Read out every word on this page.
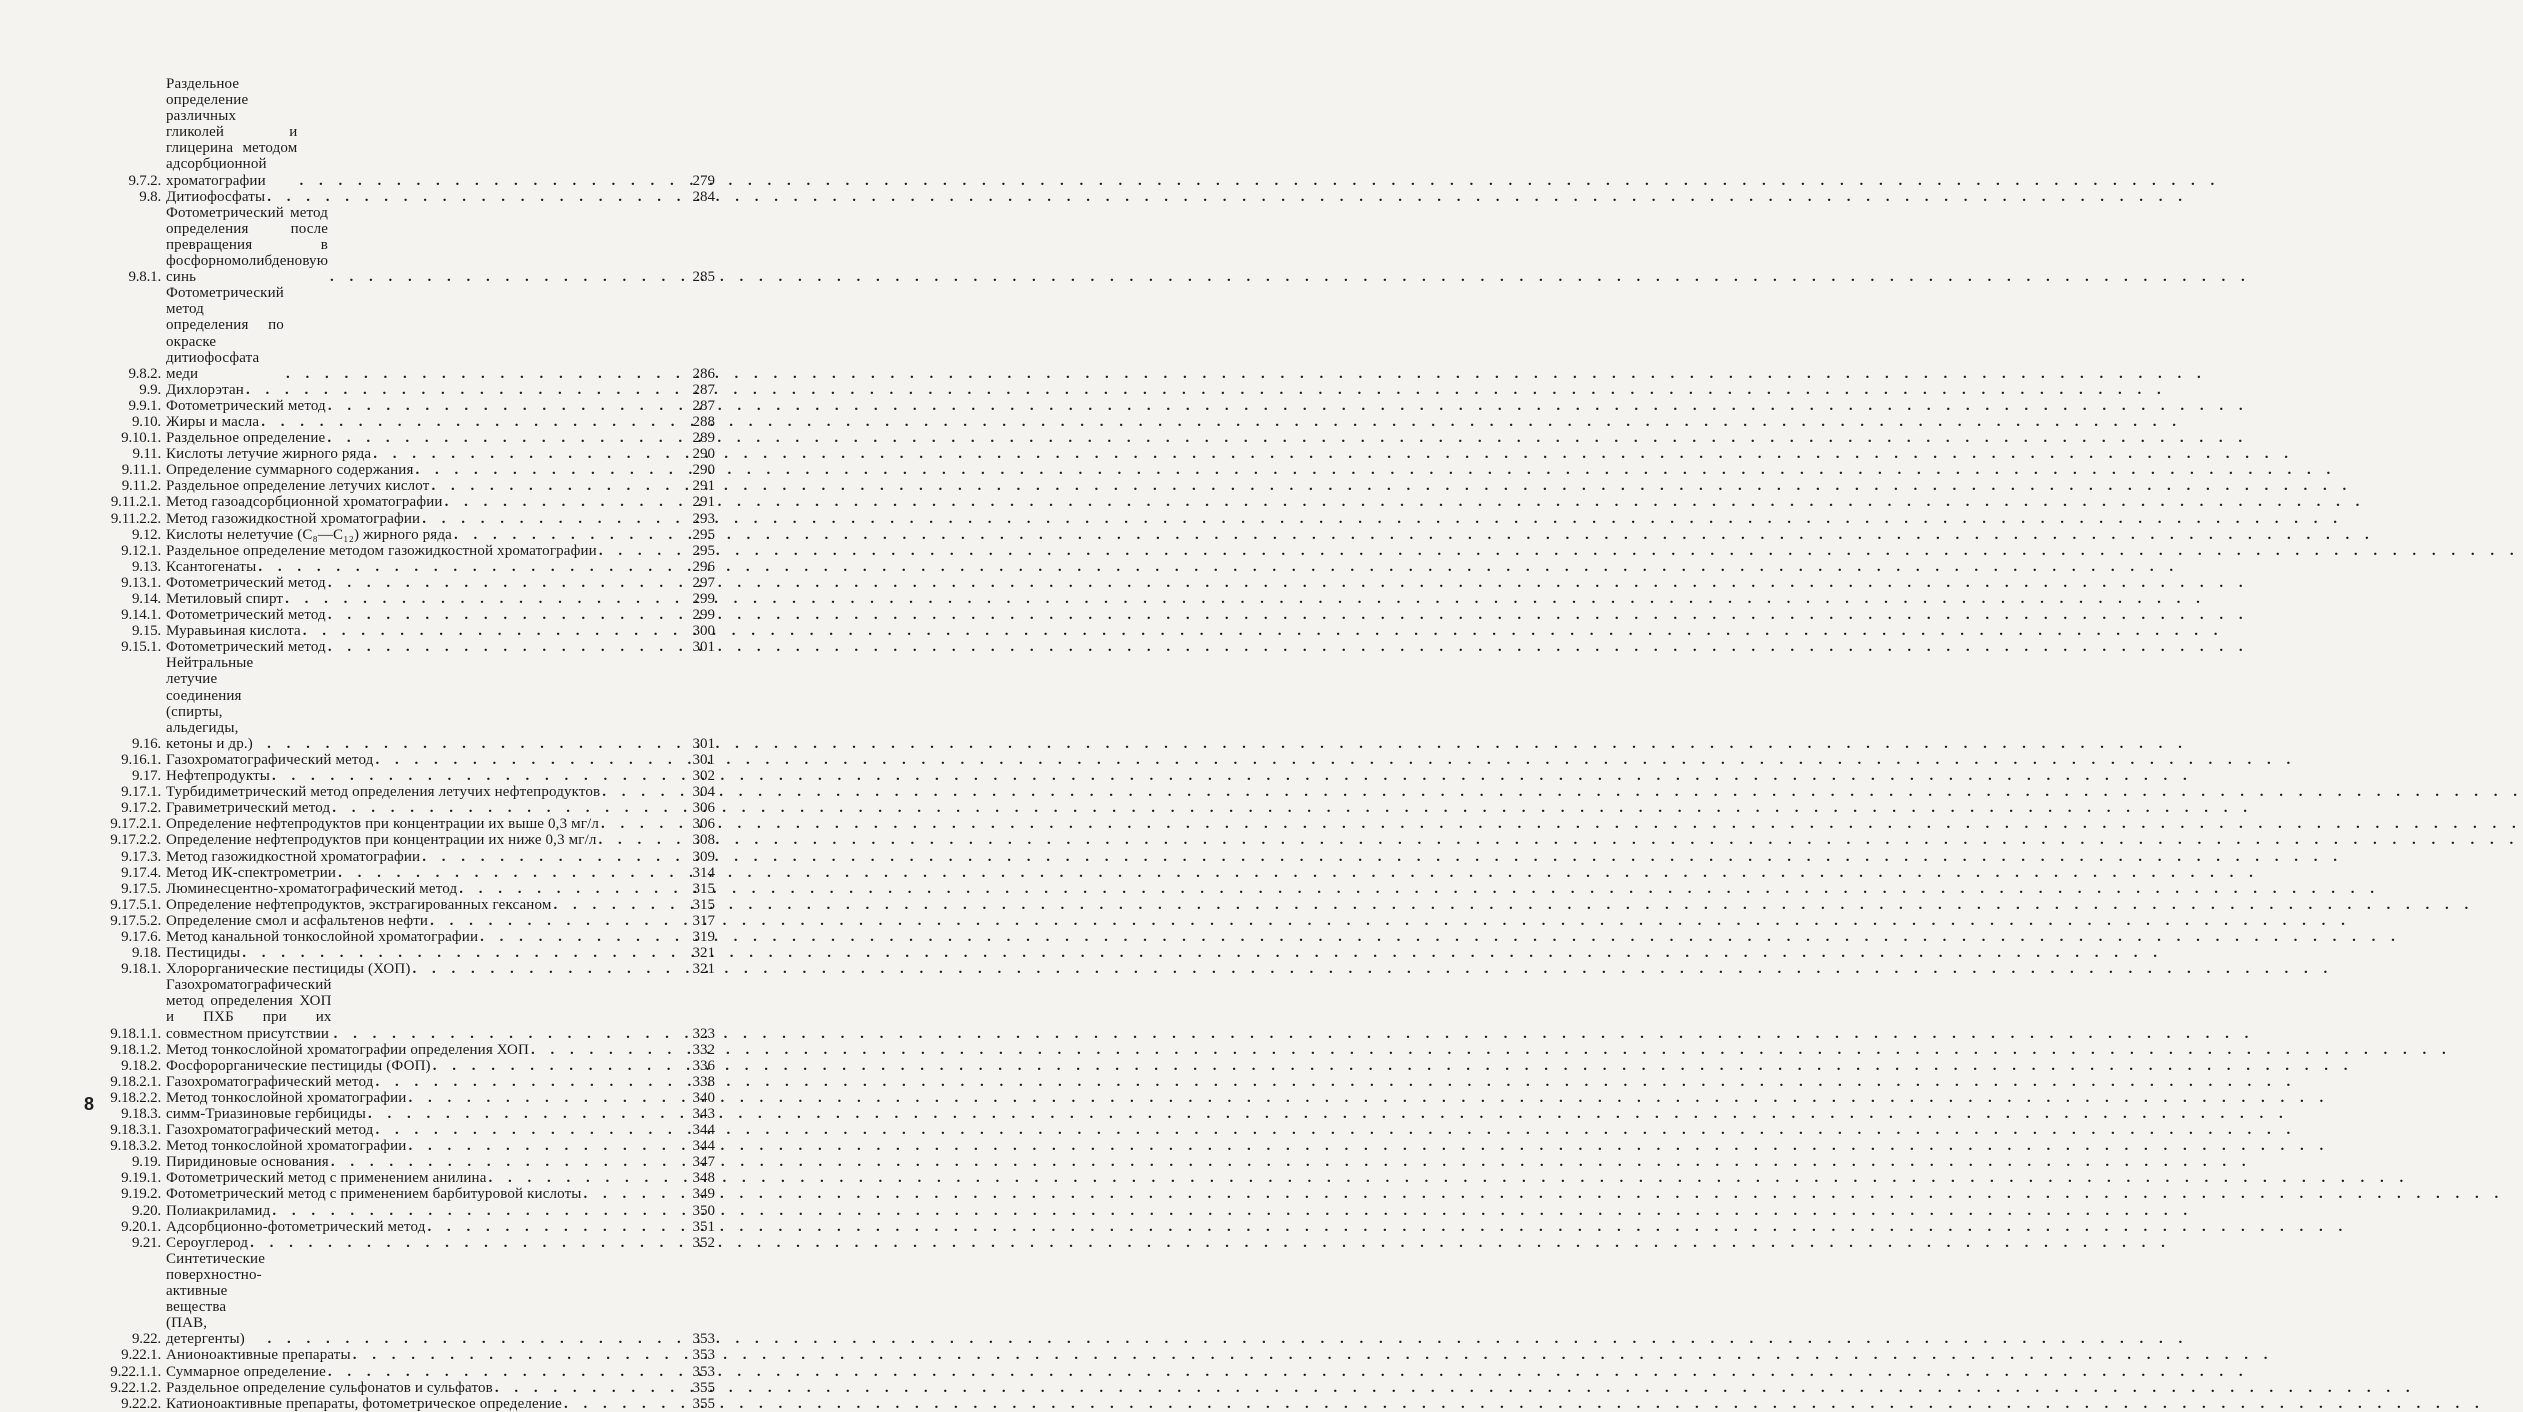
9.7.2.
Раздельное определение различных гликолей и глицерина методом адсорбционной хроматографии . . .	279
9.8. Дитиофосфаты . . .	284
9.8.1.
Фотометрический метод определения после превращения в фосфорномолибденовую синь . . .	285
9.8.2.
Фотометрический метод определения по окраске дитиофосфата меди . . .	286
9.9. Дихлорэтан . . .	287
9.9.1. Фотометрический метод . . .	287
9.10. Жиры и масла . . .	288
9.10.1. Раздельное определение . . .	289
9.11. Кислоты летучие жирного ряда . . .	290
9.11.1. Определение суммарного содержания . . .	290
9.11.2. Раздельное определение летучих кислот . . .	291
9.11.2.1. Метод газоадсорбционной хроматографии . . .	291
9.11.2.2. Метод газожидкостной хроматографии . . .	293
9.12. Кислоты нелетучие (C₈—C₁₂) жирного ряда . . .	295
9.12.1. Раздельное определение методом газожидкостной хроматографии . . .	295
9.13. Ксантогенаты . . .	296
9.13.1. Фотометрический метод . . .	297
9.14. Метиловый спирт . . .	299
9.14.1. Фотометрический метод . . .	299
9.15. Муравьиная кислота . . .	300
9.15.1. Фотометрический метод . . .	301
9.16.
Нейтральные летучие соединения (спирты, альдегиды, кетоны и др.) . . .	301
9.16.1. Газохроматографический метод . . .	301
9.17. Нефтепродукты . . .	302
9.17.1. Турбидиметрический метод определения летучих нефтепродуктов . . .	304
9.17.2. Гравиметрический метод . . .	306
9.17.2.1. Определение нефтепродуктов при концентрации их выше 0,3 мг/л . . .	306
9.17.2.2. Определение нефтепродуктов при концентрации их ниже 0,3 мг/л . . .	308
9.17.3. Метод газожидкостной хроматографии . . .	309
9.17.4. Метод ИК-спектрометрии . . .	314
9.17.5. Люминесцентно-хроматографический метод . . .	315
9.17.5.1. Определение нефтепродуктов, экстрагированных гексаном . . .	315
9.17.5.2. Определение смол и асфальтенов нефти . . .	317
9.17.6. Метод канальной тонкослойной хроматографии . . .	319
9.18. Пестициды . . .	321
9.18.1. Хлорорганические пестициды (ХОП) . . .	321
9.18.1.1.
Газохроматографический метод определения ХОП и ПХБ при их совместном присутствии . . .	323
9.18.1.2. Метод тонкослойной хроматографии определения ХОП . . .	332
9.18.2. Фосфорорганические пестициды (ФОП) . . .	336
9.18.2.1. Газохроматографический метод . . .	338
9.18.2.2. Метод тонкослойной хроматографии . . .	340
9.18.3. симм-Триазиновые гербициды . . .	343
9.18.3.1. Газохроматографический метод . . .	344
9.18.3.2. Метод тонкослойной хроматографии . . .	344
9.19. Пиридиновые основания . . .	347
9.19.1. Фотометрический метод с применением анилина . . .	348
9.19.2. Фотометрический метод с применением барбитуровой кислоты . . .	349
9.20. Полиакриламид . . .	350
9.20.1. Адсорбционно-фотометрический метод . . .	351
9.21. Сероуглерод . . .	352
9.22.
Синтетические поверхностно-активные вещества (ПАВ, детергенты) . . .	353
9.22.1. Анионоактивные препараты . . .	353
9.22.1.1. Суммарное определение . . .	353
9.22.1.2. Раздельное определение сульфонатов и сульфатов . . .	355
9.22.2. Катионоактивные препараты, фотометрическое определение . . .	355
8
